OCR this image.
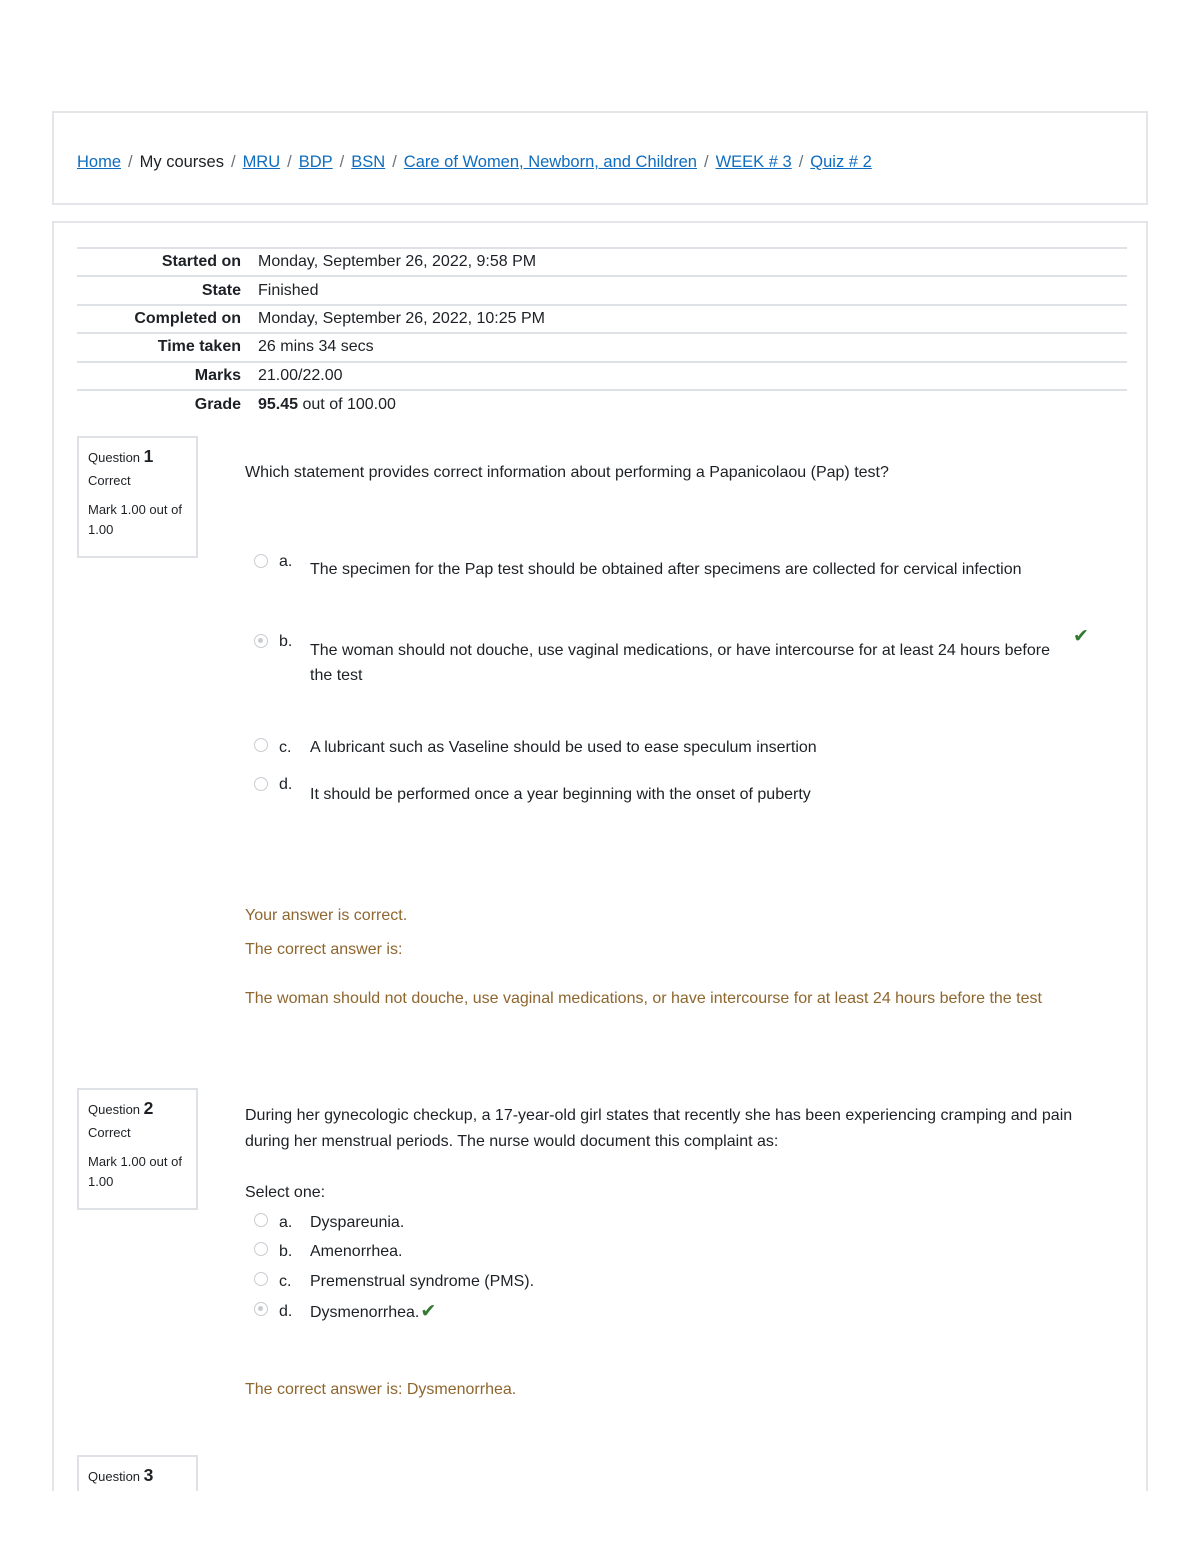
Home / My courses / MRU / BDP / BSN / Care of Women, Newborn, and Children / WEEK # 3 / Quiz # 2
Started on	Monday, September 26, 2022, 9:58 PM
State	Finished
Completed on	Monday, September 26, 2022, 10:25 PM
Time taken	26 mins 34 secs
Marks	21.00/22.00
Grade	95.45 out of 100.00
Question 1
Correct
Mark 1.00 out of 1.00
Which statement provides correct information about performing a Papanicolaou (Pap) test?
a. The specimen for the Pap test should be obtained after specimens are collected for cervical infection
b.
The woman should not douche, use vaginal medications, or have intercourse for at least 24 hours before the test
✔
c. A lubricant such as Vaseline should be used to ease speculum insertion
d.
It should be performed once a year beginning with the onset of puberty
Your answer is correct.
The correct answer is:
The woman should not douche, use vaginal medications, or have intercourse for at least 24 hours before the test
Question 2
Correct
Mark 1.00 out of 1.00
During her gynecologic checkup, a 17-year-old girl states that recently she has been experiencing cramping and pain during her menstrual periods. The nurse would document this complaint as:
Select one:
a. Dyspareunia.
b. Amenorrhea.
c. Premenstrual syndrome (PMS).
d. Dysmenorrhea.✔
The correct answer is: Dysmenorrhea.
Question 3
